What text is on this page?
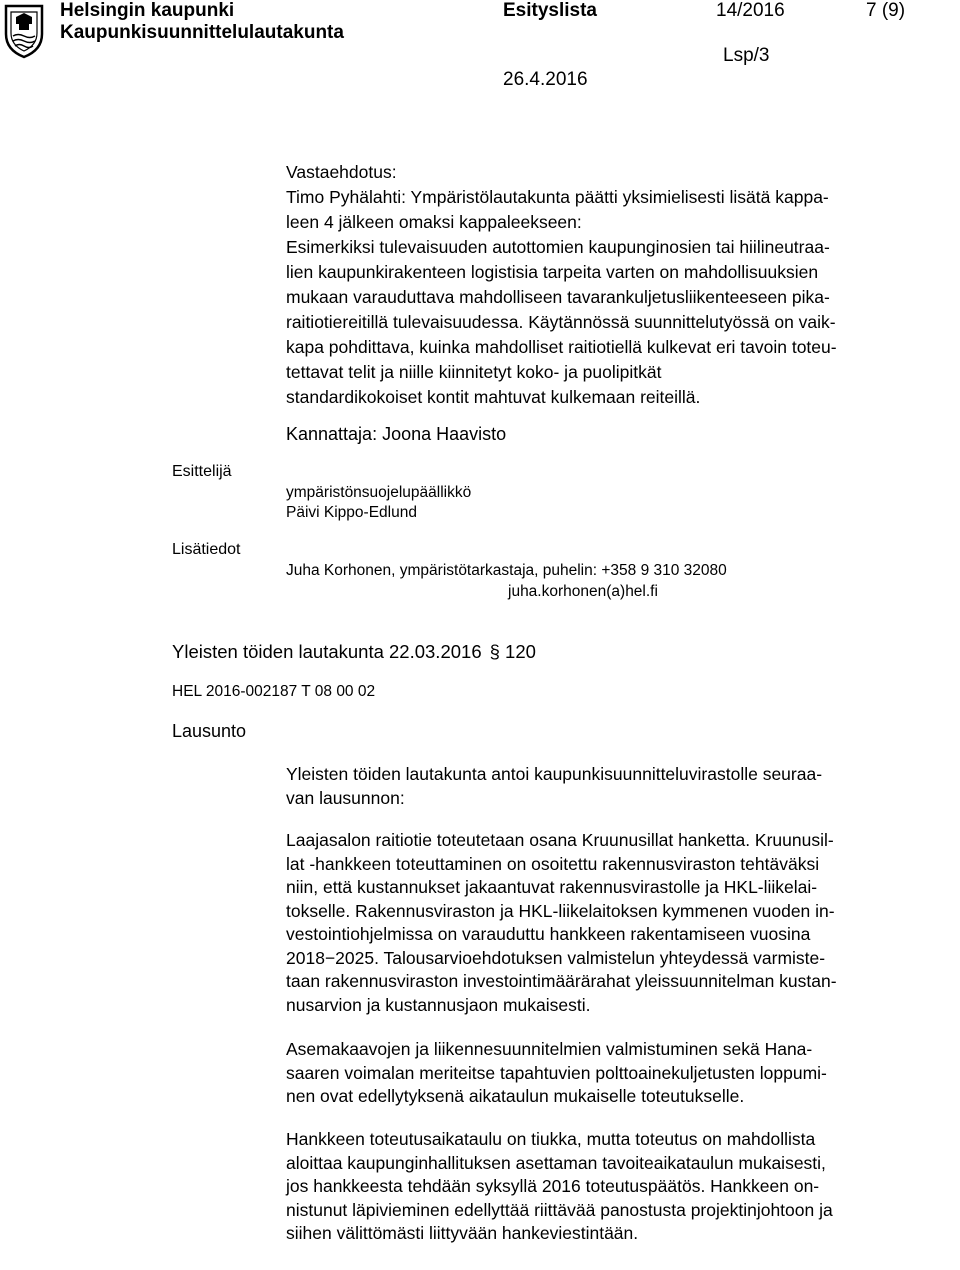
Helsingin kaupunki
Kaupunkisuunnittelulautakunta
Esityslista	14/2016	7 (9)
Lsp/3
26.4.2016
Vastaehdotus:
Timo Pyhälahti: Ympäristölautakunta päätti yksimielisesti lisätä kappa-
leen 4 jälkeen omaksi kappaleekseen:
Esimerkiksi tulevaisuuden autottomien kaupunginosien tai hiilineutraa-
lien kaupunkirakenteen logistisia tarpeita varten on mahdollisuuksien
mukaan varauduttava mahdolliseen tavarankuljetusliikenteeseen pika-
raitiotiereitillä tulevaisuudessa. Käytännössä suunnittelutyössä on vaik-
kapa pohdittava, kuinka mahdolliset raitiotiellä kulkevat eri tavoin toteu-
tettavat telit ja niille kiinnitetyt koko- ja puolipitkät
standardikokoiset kontit mahtuvat kulkemaan reiteillä.
Kannattaja: Joona Haavisto
Esittelijä
ympäristönsuojelupäällikkö
Päivi Kippo-Edlund
Lisätiedot
Juha Korhonen, ympäristötarkastaja, puhelin: +358 9 310 32080
juha.korhonen(a)hel.fi
Yleisten töiden lautakunta 22.03.2016 § 120
HEL 2016-002187 T 08 00 02
Lausunto
Yleisten töiden lautakunta antoi kaupunkisuunnitteluvirastolle seuraa-
van lausunnon:
Laajasalon raitiotie toteutetaan osana Kruunusillat hanketta. Kruunusil-
lat -hankkeen toteuttaminen on osoitettu rakennusviraston tehtäväksi
niin, että kustannukset jakaantuvat rakennusvirastolle ja HKL-liikelai-
tokselle. Rakennusviraston ja HKL-liikelaitoksen kymmenen vuoden in-
vestointiohjelmissa on varauduttu hankkeen rakentamiseen vuosina
2018−2025. Talousarvioehdotuksen valmistelun yhteydessä varmiste-
taan rakennusviraston investointimäärärahat yleissuunnitelman kustan-
nusarvion ja kustannusjaon mukaisesti.
Asemakaavojen ja liikennesuunnitelmien valmistuminen sekä Hana-
saaren voimalan meriteitse tapahtuvien polttoainekuljetusten loppumi-
nen ovat edellytyksenä aikataulun mukaiselle toteutukselle.
Hankkeen toteutusaikataulu on tiukka, mutta toteutus on mahdollista
aloittaa kaupunginhallituksen asettaman tavoiteaikataulun mukaisesti,
jos hankkeesta tehdään syksyllä 2016 toteutuspäätös. Hankkeen on-
nistunut läpivieminen edellyttää riittävää panostusta projektinjohtoon ja
siihen välittömästi liittyvään hankeviestintään.
